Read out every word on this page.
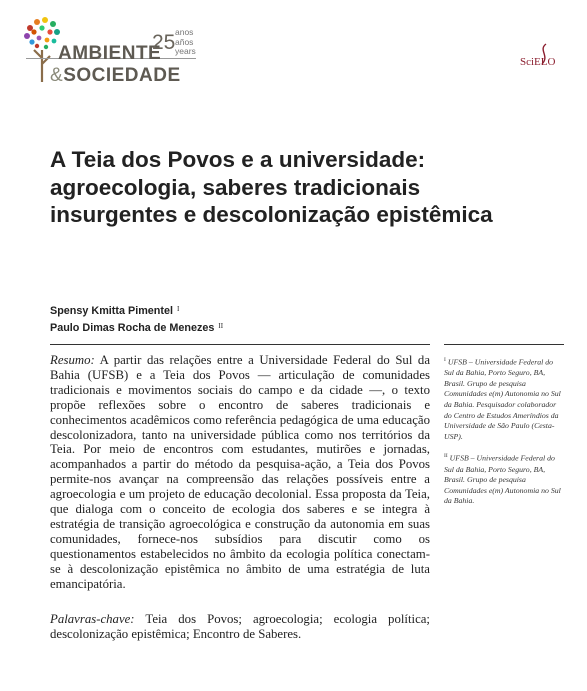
AMBIENTE
&SOCIEDADE
25 anos
años
years
SciELO
A Teia dos Povos e a universidade: agroecologia, saberes tradicionais insurgentes e descolonização epistêmica
Spensy Kmitta Pimentel $^I$
Paulo Dimas Rocha de Menezes $^{II}$

Resumo: A partir das relações entre a Universidade Federal do Sul da Bahia (UFSB) e a Teia dos Povos — articulação de comunidades tradicionais e movimentos sociais do campo e da cidade —, o texto propõe reflexões sobre o encontro de saberes tradicionais e conhecimentos acadêmicos como referência pedagógica de uma educação descolonizadora, tanto na universidade pública como nos territórios da Teia. Por meio de encontros com estudantes, mutirões e jornadas, acompanhados a partir do método da pesquisa-ação, a Teia dos Povos permite-nos avançar na compreensão das relações possíveis entre a agroecologia e um projeto de educação decolonial. Essa proposta da Teia, que dialoga com o conceito de ecologia dos saberes e se integra à estratégia de transição agroecológica e construção da autonomia em suas comunidades, fornece-nos subsídios para discutir como os questionamentos estabelecidos no âmbito da ecologia política conectam-se à descolonização epistêmica no âmbito de uma estratégia de luta emancipatória.

Palavras-chave: Teia dos Povos; agroecologia; ecologia política; descolonização epistêmica; Encontro de Saberes.

$^I$ UFSB – Universidade Federal do Sul da Bahia, Porto Seguro, BA, Brasil. Grupo de pesquisa Comunidades e(m) Autonomia no Sul da Bahia. Pesquisador colaborador do Centro de Estudos Ameríndios da Universidade de São Paulo (Cesta-USP).

$^{II}$ UFSB – Universidade Federal do Sul da Bahia, Porto Seguro, BA, Brasil. Grupo de pesquisa Comunidades e(m) Autonomia no Sul da Bahia.
